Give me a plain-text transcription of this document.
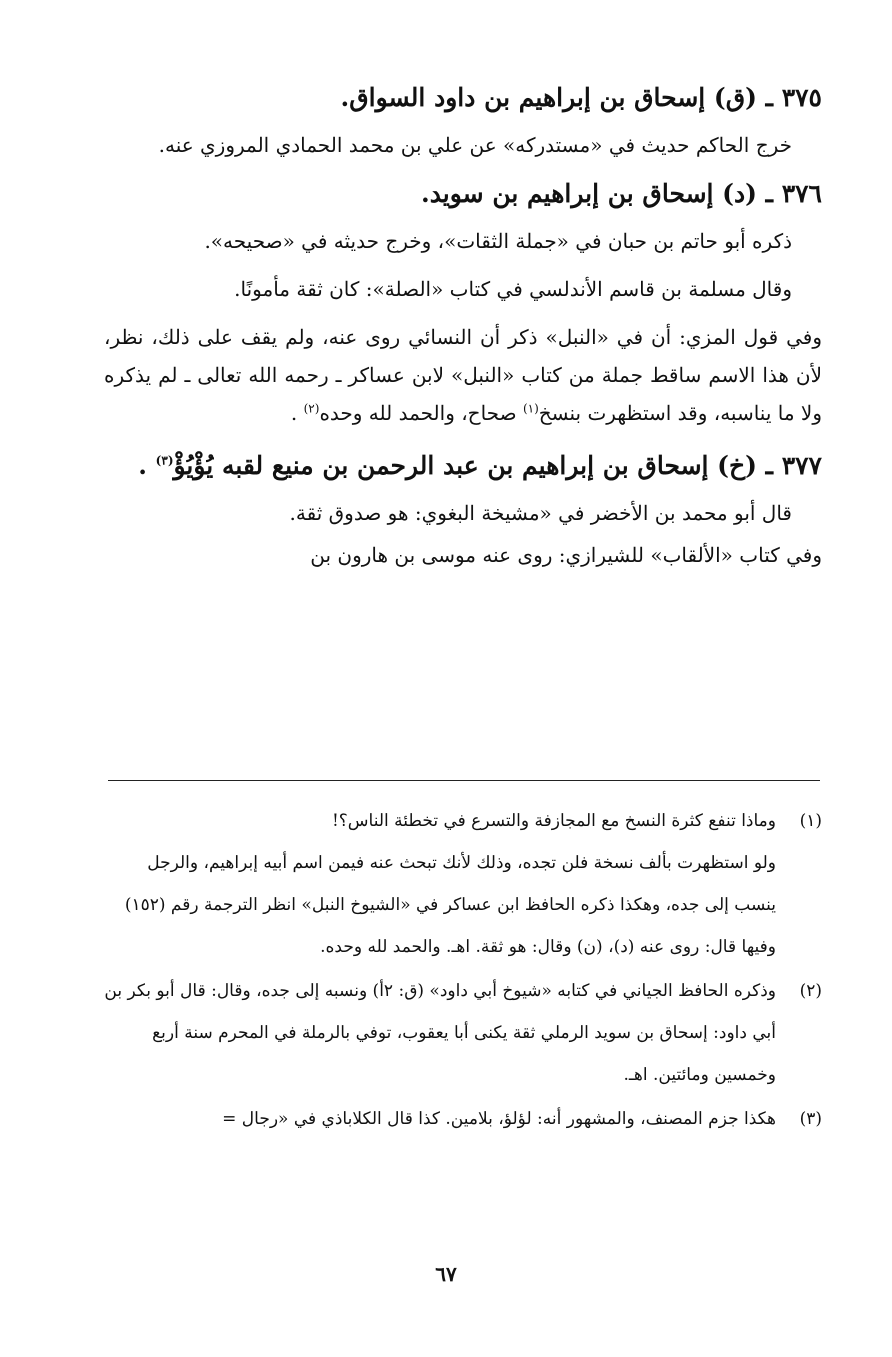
٣٧٥ ـ (ق) إسحاق بن إبراهيم بن داود السواق.

خرج الحاكم حديث في «مستدركه» عن علي بن محمد الحمادي المروزي عنه.

٣٧٦ ـ (د) إسحاق بن إبراهيم بن سويد.

ذكره أبو حاتم بن حبان في «جملة الثقات»، وخرج حديثه في «صحيحه».

وقال مسلمة بن قاسم الأندلسي في كتاب «الصلة»: كان ثقة مأمونًا.

وفي قول المزي: أن في «النبل» ذكر أن النسائي روى عنه، ولم يقف على ذلك، نظر، لأن هذا الاسم ساقط جملة من كتاب «النبل» لابن عساكر ـ رحمه الله تعالى ـ لم يذكره ولا ما يناسبه، وقد استظهرت بنسخ$^{(١)}$ صحاح، والحمد لله وحده$^{(٢)}$ .

٣٧٧ ـ (خ) إسحاق بن إبراهيم بن عبد الرحمن بن منيع لقبه يُؤْيُؤْ$^{(٣)}$ .

قال أبو محمد بن الأخضر في «مشيخة البغوي: هو صدوق ثقة.

وفي كتاب «الألقاب» للشيرازي: روى عنه موسى بن هارون بن

(١)
وماذا تنفع كثرة النسخ مع المجازفة والتسرع في تخطئة الناس؟!
ولو استظهرت بألف نسخة فلن تجده، وذلك لأنك تبحث عنه فيمن اسم أبيه إبراهيم، والرجل ينسب إلى جده، وهكذا ذكره الحافظ ابن عساكر في «الشيوخ النبل» انظر الترجمة رقم (١٥٢) وفيها قال: روى عنه (د)، (ن) وقال: هو ثقة. اهـ. والحمد لله وحده.
(٢)
وذكره الحافظ الجياني في كتابه «شيوخ أبي داود» (ق: ٢أ) ونسبه إلى جده، وقال: قال أبو بكر بن أبي داود: إسحاق بن سويد الرملي ثقة يكنى أبا يعقوب، توفي بالرملة في المحرم سنة أربع وخمسين ومائتين. اهـ.
(٣)
هكذا جزم المصنف، والمشهور أنه: لؤلؤ، بلامين. كذا قال الكلاباذي في «رجال =
٦٧
